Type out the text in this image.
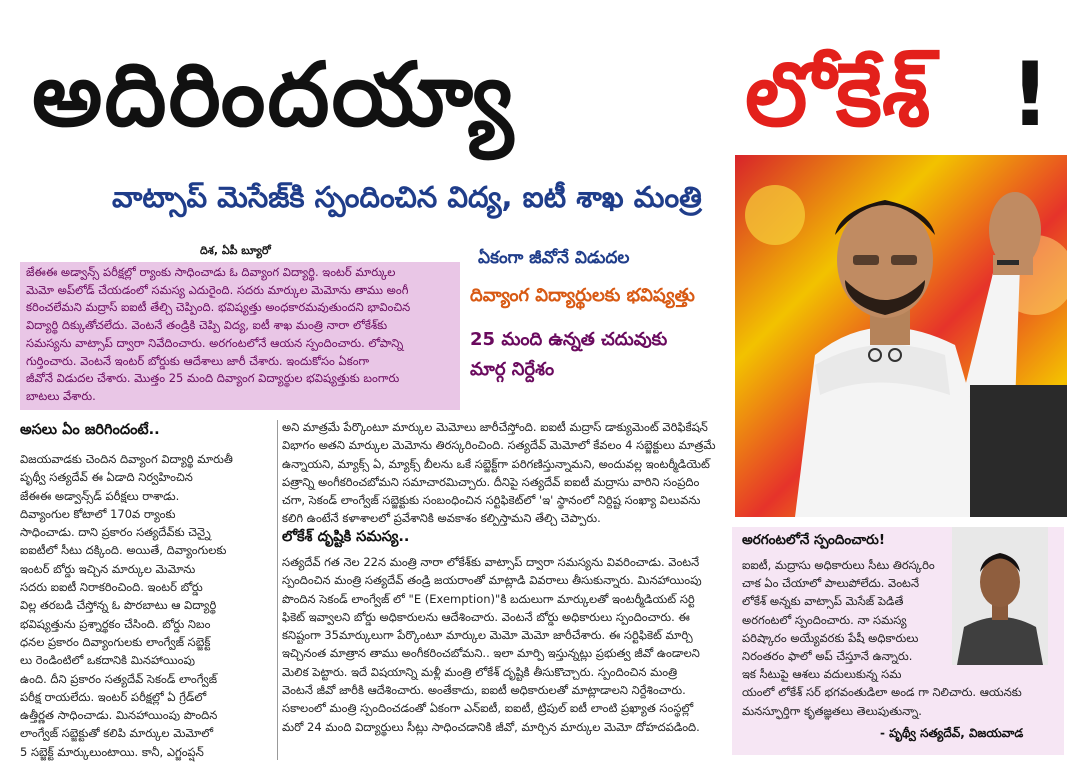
అదిరిందయ్యా	లోకేశ్ !
వాట్సాప్ మెసేజ్‌కి స్పందించిన విద్య, ఐటీ శాఖ మంత్రి
దిశ, ఏపీ బ్యూరో
జేఈఈ అడ్వాన్స్ పరీక్షల్లో ర్యాంకు సాధించాడు ఓ దివ్యాంగ విద్యార్థి. ఇంటర్ మార్కుల
మెమో అప్‌లోడ్ చేయడంలో సమస్య ఎదురైంది. సదరు మార్కుల మెమోను తాము అంగీ
కరించలేమని మద్రాస్ ఐఐటీ తేల్చి చెప్పింది. భవిష్యత్తు అంధకారమవుతుందని భావించిన
విద్యార్థి దిక్కుతోచలేదు. వెంటనే తండ్రికి చెప్పి విద్య, ఐటీ శాఖ మంత్రి నారా లోకేశ్‌కు
సమస్యను వాట్సాప్ ద్వారా నివేదించారు. అరగంటలోనే ఆయన స్పందించారు. లోపాన్ని
గుర్తించారు. వెంటనే ఇంటర్ బోర్డుకు ఆదేశాలు జారీ చేశారు. ఇందుకోసం ఏకంగా
జీవోనే విడుదల చేశారు. మొత్తం 25 మంది దివ్యాంగ విద్యార్థుల భవిష్యత్తుకు బంగారు
బాటలు వేశారు.
ఏకంగా జీవోనే విడుదల
దివ్యాంగ విద్యార్థులకు భవిష్యత్తు
25 మంది ఉన్నత చదువుకు
మార్గ నిర్దేశం
అసలు ఏం జరిగిందంటే..
విజయవాడకు చెందిన దివ్యాంగ విద్యార్థి మారుతీ
పృథ్వీ సత్యదేవ్ ఈ ఏడాది నిర్వహించిన
జేఈఈ అడ్వాన్స్‌డ్ పరీక్షలు రాశాడు.
దివ్యాంగుల కోటాలో 170వ ర్యాంకు
సాధించాడు. దాని ప్రకారం సత్యదేవ్‌కు చెన్నై
ఐఐటీలో సీటు దక్కింది. అయితే, దివ్యాంగులకు
ఇంటర్ బోర్డు ఇచ్చిన మార్కుల మెమోను
సదరు ఐఐటీ నిరాకరించింది. ఇంటర్ బోర్డు
విల్ల తరబడి చేస్తోన్న ఓ పొరబాటు ఆ విద్యార్థి
భవిష్యత్తును ప్రశ్నార్థకం చేసింది. బోర్డు నిబం
ధనల ప్రకారం దివ్యాంగులకు లాంగ్వేజ్ సబ్జెక్ట్
లు రెండింటిలో ఒకదానికి మినహాయింపు
ఉంది. దీని ప్రకారం సత్యదేవ్ సెకండ్ లాంగ్వేజ్
పరీక్ష రాయలేదు. ఇంటర్ పరీక్షల్లో ఏ గ్రేడ్‌లో
ఉత్తీర్ణత సాధించాడు. మినహాయింపు పొందిన
లాంగ్వేజ్ సబ్జెక్టుతో కలిపి మార్కుల మెమోలో
5 సబ్జెక్ట్ మార్కులుంటాయి. కానీ, ఎగ్జంప్షన్
అని మాత్రమే పేర్కొంటూ మార్కుల మెమోలు జారీచేస్తోంది. ఐఐటీ మద్రాస్ డాక్యుమెంట్ వెరిఫికేషన్
విభాగం అతని మార్కుల మెమోను తిరస్కరించింది. సత్యదేవ్ మెమోలో కేవలం 4 సబ్జెక్టులు మాత్రమే
ఉన్నాయని, మ్యాక్స్ ఏ, మ్యాక్స్ బీలను ఒకే సబ్జెక్ట్‌గా పరిగణిస్తున్నామని, అందువల్ల ఇంటర్మీడియెట్
పత్రాన్ని అంగీకరించబోమని సమాచారమిచ్చారు. దీనిపై సత్యదేవ్ ఐఐటీ మద్రాసు వారిని సంప్రదిం
చగా, సెకండ్ లాంగ్వేజ్ సబ్జెక్టుకు సంబంధించిన సర్టిఫికెట్‌లో 'ఇ' స్థానంలో నిర్దిష్ట సంఖ్యా విలువను
కలిగి ఉంటేనే కళాశాలలో ప్రవేశానికి అవకాశం కల్పిస్తామని తేల్చి చెప్పారు.
లోకేశ్ దృష్టికి సమస్య..
సత్యదేవ్ గత నెల 22న మంత్రి నారా లోకేశ్‌కు వాట్సాప్ ద్వారా సమస్యను వివరించాడు. వెంటనే
స్పందించిన మంత్రి సత్యదేవ్ తండ్రి జయరాంతో మాట్లాడి వివరాలు తీసుకున్నారు. మినహాయింపు
పొందిన సెకండ్ లాంగ్వేజ్ లో "E (Exemption)"కి బదులుగా మార్కులతో ఇంటర్మీడియట్ సర్టి
ఫికెట్ ఇవ్వాలని బోర్డు అధికారులను ఆదేశించారు. వెంటనే బోర్డు అధికారులు స్పందించారు. ఈ
కనిష్టంగా 35మార్కులుగా పేర్కొంటూ మార్కుల మెమో మెమో జారీచేశారు. ఈ సర్టిఫికెట్ మార్చి
ఇచ్చినంత మాత్రాన తాము అంగీకరించబోమని.. ఇలా మార్పి ఇస్తున్నట్లు ప్రభుత్వ జీవో ఉండాలని
మెలిక పెట్టారు. ఇదే విషయాన్ని మళ్లీ మంత్రి లోకేశ్ దృష్టికి తీసుకొచ్చారు. స్పందించిన మంత్రి
వెంటనే జీవో జారీకి ఆదేశించారు. అంతేకాదు, ఐఐటీ అధికారులతో మాట్లాడాలని నిర్దేశించారు.
సకాలంలో మంత్రి స్పందించడంతో ఏకంగా ఎన్ఐటీ, ఐఐటీ, ట్రిపుల్ ఐటీ లాంటి ప్రఖ్యాత సంస్థల్లో
మరో 24 మంది విద్యార్థులు సీట్లు సాధించడానికి జీవో, మార్చిన మార్కుల మెమో దోహదపడింది.
అరగంటలోనే స్పందించారు!
ఐఐటీ, మద్రాసు అధికారులు సీటు తిరస్కరిం
చాక ఏం చేయాలో పాలుపోలేదు. వెంటనే
లోకేశ్ అన్నకు వాట్సాప్ మెసేజ్ పెడితే
అరగంటలో స్పందించారు. నా సమస్య
పరిష్కారం అయ్యేవరకు పేషీ అధికారులు
నిరంతరం ఫాలో అప్ చేస్తూనే ఉన్నారు.
ఇక సీటుపై ఆశలు వదులుకున్న సమ
యంలో లోకేశ్ సర్ భగవంతుడిలా అండ గా నిలిచారు. ఆయనకు
మనస్ఫూర్తిగా కృతజ్ఞతలు తెలుపుతున్నా.
- పృథ్వీ సత్యదేవ్, విజయవాడ
